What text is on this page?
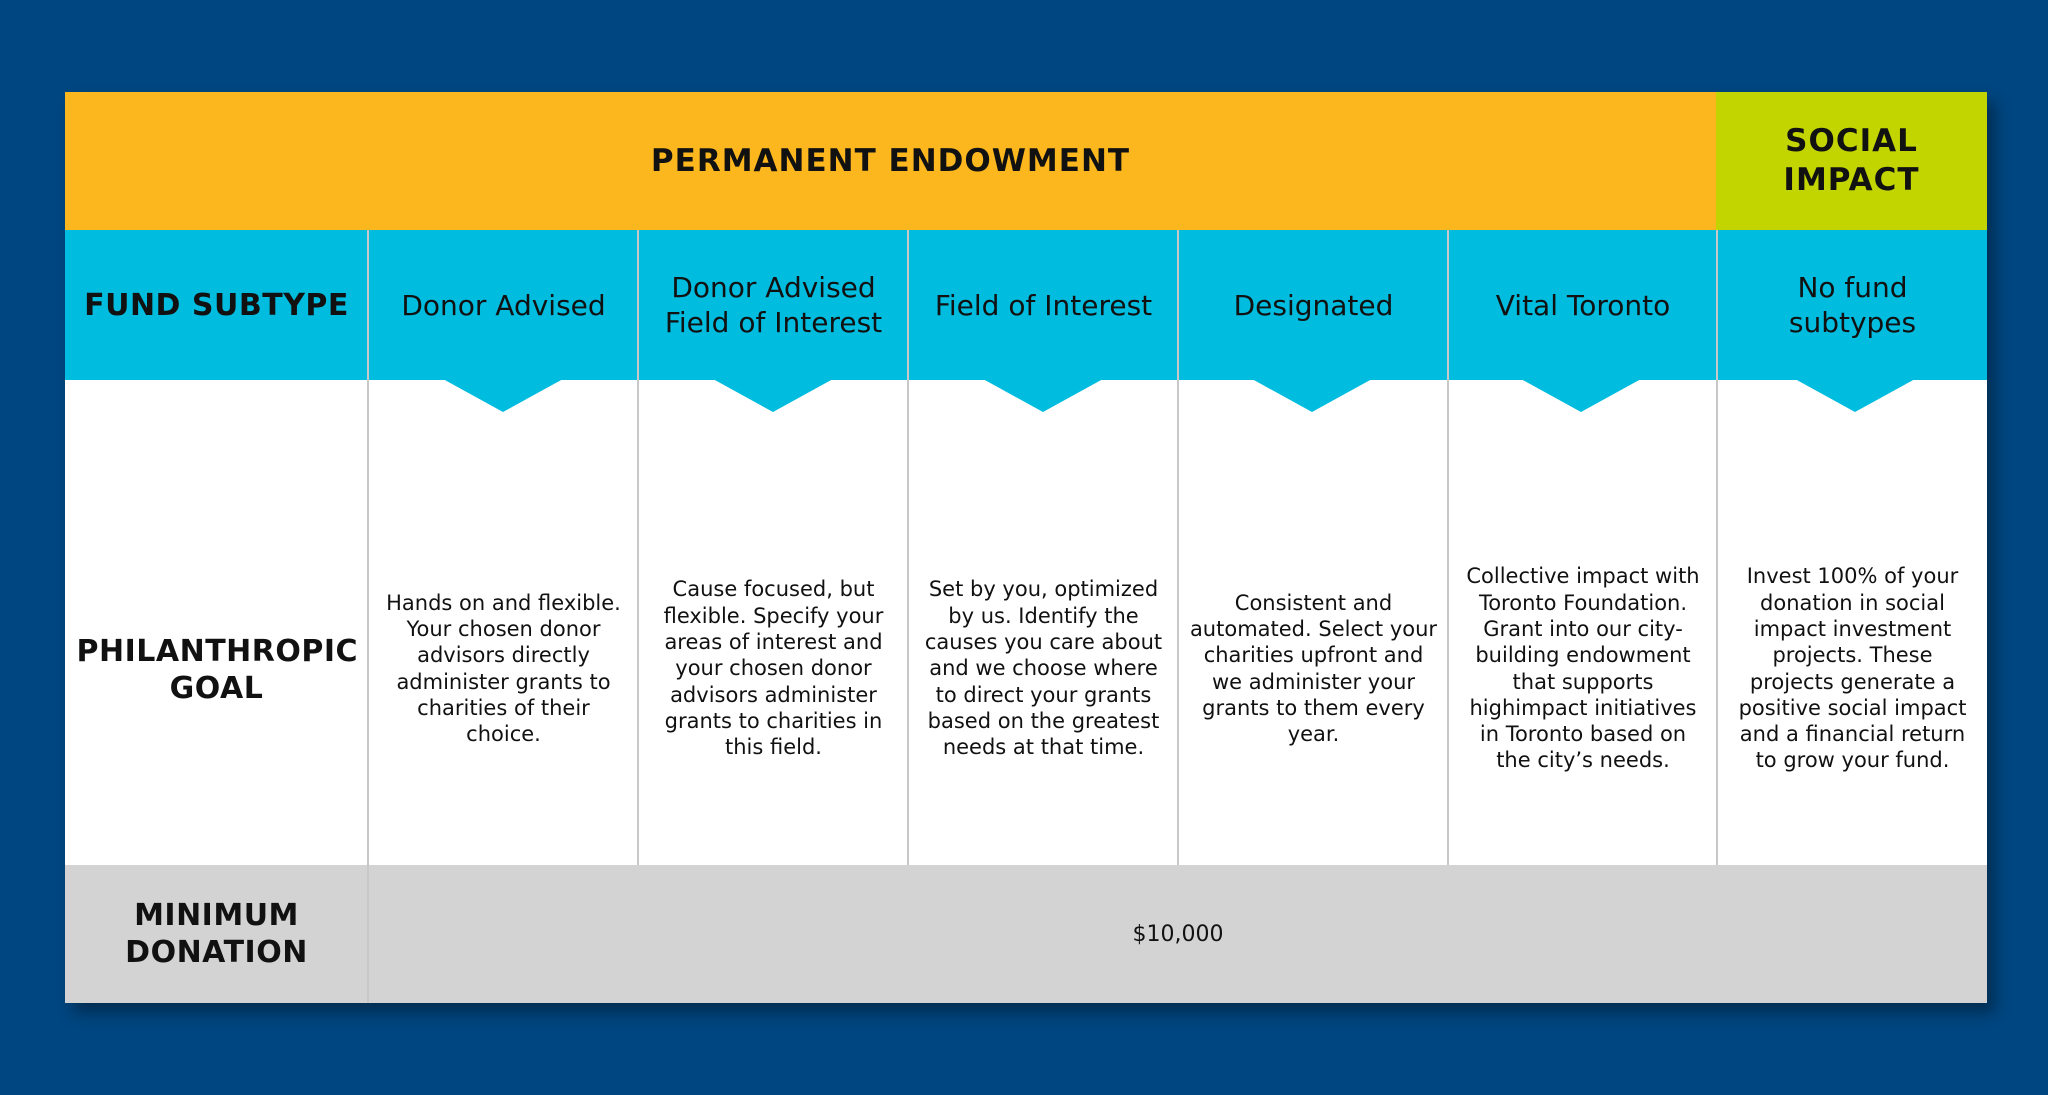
PERMANENT ENDOWMENT
SOCIAL IMPACT
FUND SUBTYPE
PHILANTHROPIC GOAL
MINIMUM DONATION
Donor Advised
Donor Advised Field of Interest
Field of Interest	Designated	Vital Toronto
No fund subtypes
Hands on and flexible. Your chosen donor advisors directly administer grants to charities of their choice.
Cause focused, but flexible. Specify your areas of interest and your chosen donor advisors administer grants to charities in this field.
Set by you, optimized by us. Identify the causes you care about and we choose where to direct your grants based on the greatest needs at that time.
Consistent and automated. Select your charities upfront and we administer your grants to them every year.
Collective impact with Toronto Foundation. Grant into our city-building endowment that supports highimpact initiatives in Toronto based on the city’s needs.
Invest 100% of your donation in social impact investment projects. These projects generate a positive social impact and a financial return to grow your fund.
$10,000
